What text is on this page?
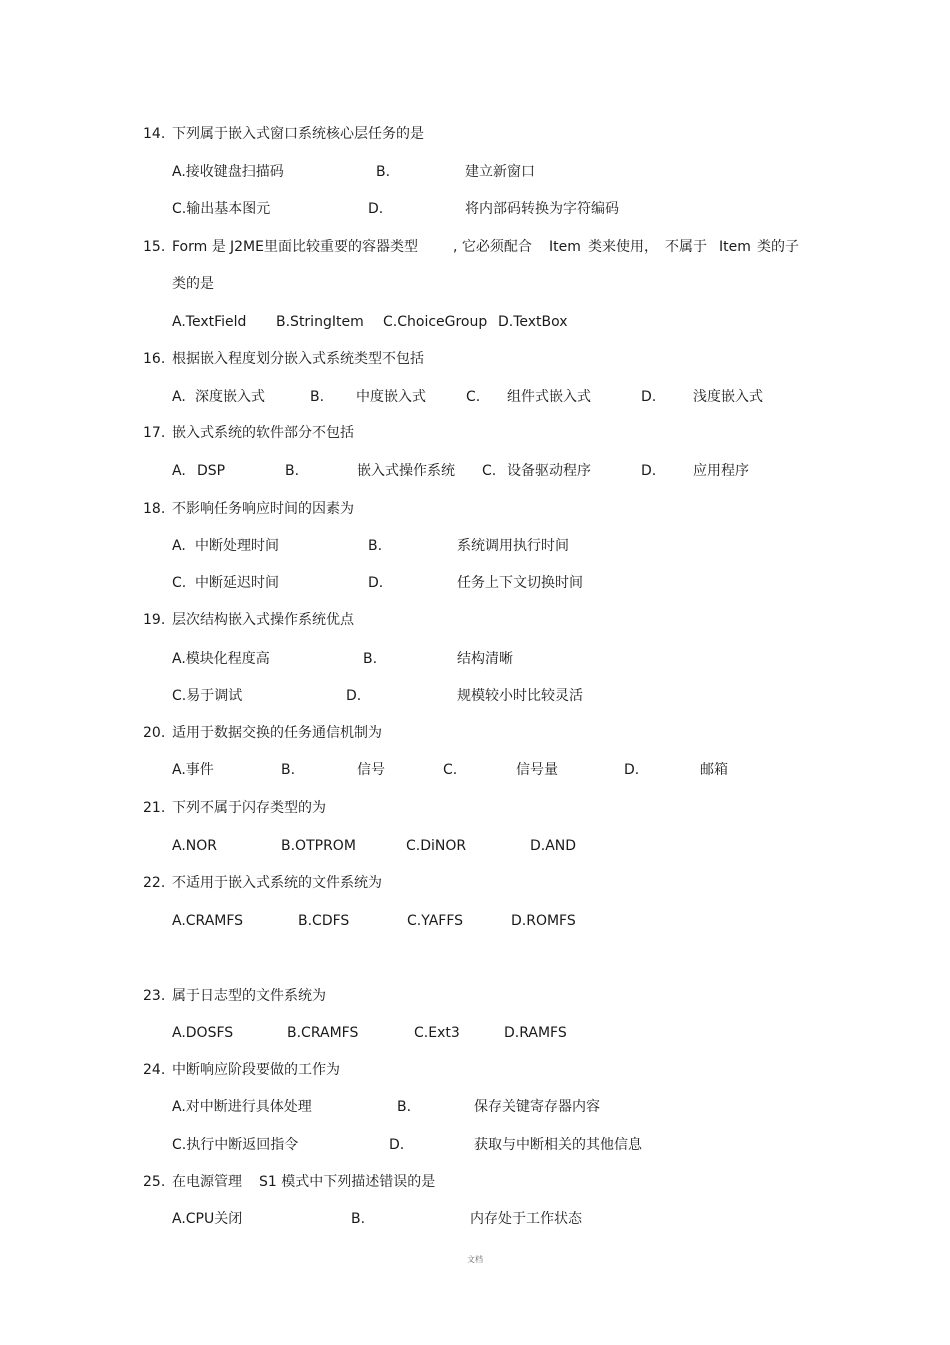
14. 下列属于嵌入式窗口系统核心层任务的是
A.接收键盘扫描码	B.	建立新窗口
C.输出基本图元	D.	将内部码转换为字符编码
15. Form 是 J2ME里面比较重要的容器类型	, 它必须配合 Item 类来使用， 不属于 Item 类的子
类的是
A.TextField B.StringItem C.ChoiceGroup D.TextBox
16. 根据嵌入程度划分嵌入式系统类型不包括
A. 深度嵌入式	B. 中度嵌入式	C. 组件式嵌入式	D.	浅度嵌入式
17. 嵌入式系统的软件部分不包括
A. DSP	B.	嵌入式操作系统 C. 设备驱动程序	D.	应用程序
18. 不影响任务响应时间的因素为
A. 中断处理时间	B.	系统调用执行时间
C. 中断延迟时间	D.	任务上下文切换时间
19. 层次结构嵌入式操作系统优点
A.模块化程度高	B.	结构清晰
C.易于调试	D.	规模较小时比较灵活
20. 适用于数据交换的任务通信机制为
A.事件	B.	信号	C.	信号量	D.	邮箱
21. 下列不属于闪存类型的为
A.NOR	B.OTPROM	C.DiNOR	D.AND
22. 不适用于嵌入式系统的文件系统为
A.CRAMFS	B.CDFS	C.YAFFS	D.ROMFS
23. 属于日志型的文件系统为
A.DOSFS	B.CRAMFS	C.Ext3	D.RAMFS
24. 中断响应阶段要做的工作为
A.对中断进行具体处理	B.	保存关键寄存器内容
C.执行中断返回指令	D.	获取与中断相关的其他信息
25. 在电源管理 S1 模式中下列描述错误的是
A.CPU关闭	B.	内存处于工作状态
文档
